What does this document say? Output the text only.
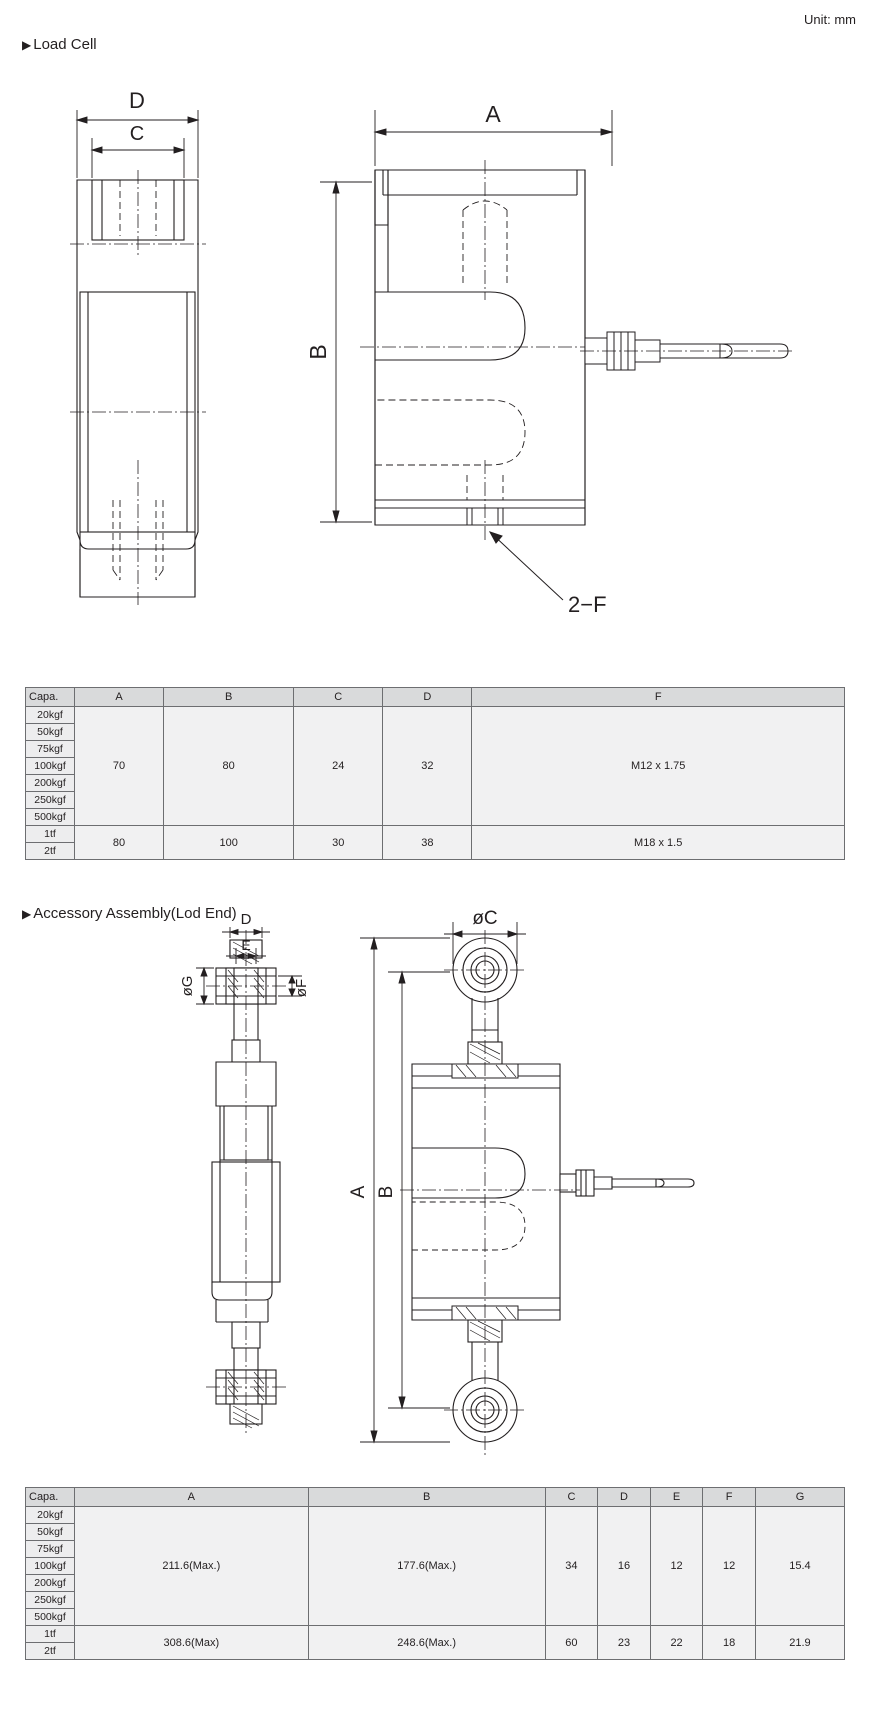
Unit: mm
▶ Load Cell
D
C
A
B
2−F
Capa.	A	B	C	D	F
20kgf	70	80	24	32	M12 x 1.75
50kgf					
75kgf					
100kgf					
200kgf					
250kgf					
500kgf					
1tf	80	100	30	38	M18 x 1.5
2tf					
▶ Accessory Assembly(Lod End) D
E
øG	øF
øC
A B
Capa.	A	B	C	D	E	F	G
20kgf	211.6(Max.)	177.6(Max.)	34	16	12	12	15.4
50kgf							
75kgf							
100kgf							
200kgf							
250kgf							
500kgf							
1tf	308.6(Max)	248.6(Max.)	60	23	22	18	21.9
2tf							
